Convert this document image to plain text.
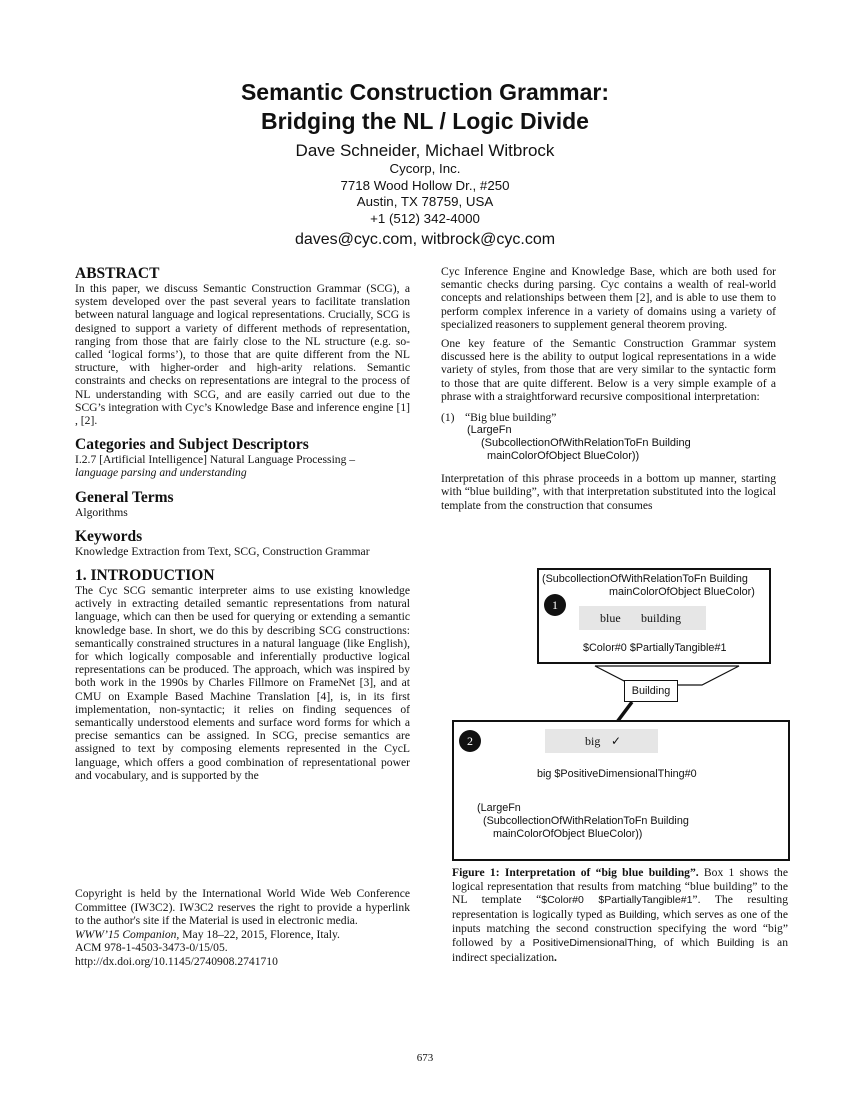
Semantic Construction Grammar:
Bridging the NL / Logic Divide
Dave Schneider, Michael Witbrock
Cycorp, Inc.
7718 Wood Hollow Dr., #250
Austin, TX 78759, USA
+1 (512) 342-4000
daves@cyc.com, witbrock@cyc.com
ABSTRACT

In this paper, we discuss Semantic Construction Grammar (SCG), a system developed over the past several years to facilitate translation between natural language and logical representations. Crucially, SCG is designed to support a variety of different methods of representation, ranging from those that are fairly close to the NL structure (e.g. so-called ‘logical forms’), to those that are quite different from the NL structure, with higher-order and high-arity relations. Semantic constraints and checks on representations are integral to the process of NL understanding with SCG, and are easily carried out due to the SCG’s integration with Cyc’s Knowledge Base and inference engine [1] , [2].

Categories and Subject Descriptors

I.2.7 [Artificial Intelligence] Natural Language Processing –
language parsing and understanding

General Terms

Algorithms

Keywords

Knowledge Extraction from Text, SCG, Construction Grammar

1. INTRODUCTION

The Cyc SCG semantic interpreter aims to use existing knowledge actively in extracting detailed semantic representations from natural language, which can then be used for querying or extending a semantic knowledge base. In short, we do this by describing SCG constructions: semantically constrained structures in a natural language (like English), for which logically composable and inferentially productive logical representations can be produced. The approach, which was inspired by both work in the 1990s by Charles Fillmore on FrameNet [3], and at CMU on Example Based Machine Translation [4], is, in its first implementation, non-syntactic; it relies on finding sequences of semantically understood elements and surface word forms for which a precise semantics can be assigned. In SCG, precise semantics are assigned to text by composing elements represented in the CycL language, which offers a good combination of representational power and vocabulary, and is supported by the

Copyright is held by the International World Wide Web Conference Committee (IW3C2). IW3C2 reserves the right to provide a hyperlink to the author's site if the Material is used in electronic media.

WWW’15 Companion, May 18–22, 2015, Florence, Italy.
ACM 978-1-4503-3473-0/15/05.
http://dx.doi.org/10.1145/2740908.2741710

Cyc Inference Engine and Knowledge Base, which are both used for semantic checks during parsing. Cyc contains a wealth of real-world concepts and relationships between them [2], and is able to use them to perform complex inference in a variety of domains using a variety of specialized reasoners to supplement general theorem proving.

One key feature of the Semantic Construction Grammar system discussed here is the ability to output logical representations in a wide variety of styles, from those that are very similar to the syntactic form to those that are quite different. Below is a very simple example of a phrase with a straightforward recursive compositional interpretation:

(1) “Big blue building”
(LargeFn
(SubcollectionOfWithRelationToFn Building
mainColorOfObject BlueColor))

Interpretation of this phrase proceeds in a bottom up manner, starting with “blue building”, with that interpretation substituted into the logical template from the construction that consumes

(SubcollectionOfWithRelationToFn Building
mainColorOfObject BlueColor)
1
blue building
$Color#0 $PartiallyTangible#1
Building
2	big ✓
big $PositiveDimensionalThing#0
(LargeFn
(SubcollectionOfWithRelationToFn Building
mainColorOfObject BlueColor))
Figure 1: Interpretation of “big blue building”. Box 1 shows the logical representation that results from matching “blue building” to the NL template “$Color#0 $PartiallyTangible#1”. The resulting representation is logically typed as Building, which serves as one of the inputs matching the second construction specifying the word “big” followed by a PositiveDimensionalThing, of which Building is an indirect specialization.
673
